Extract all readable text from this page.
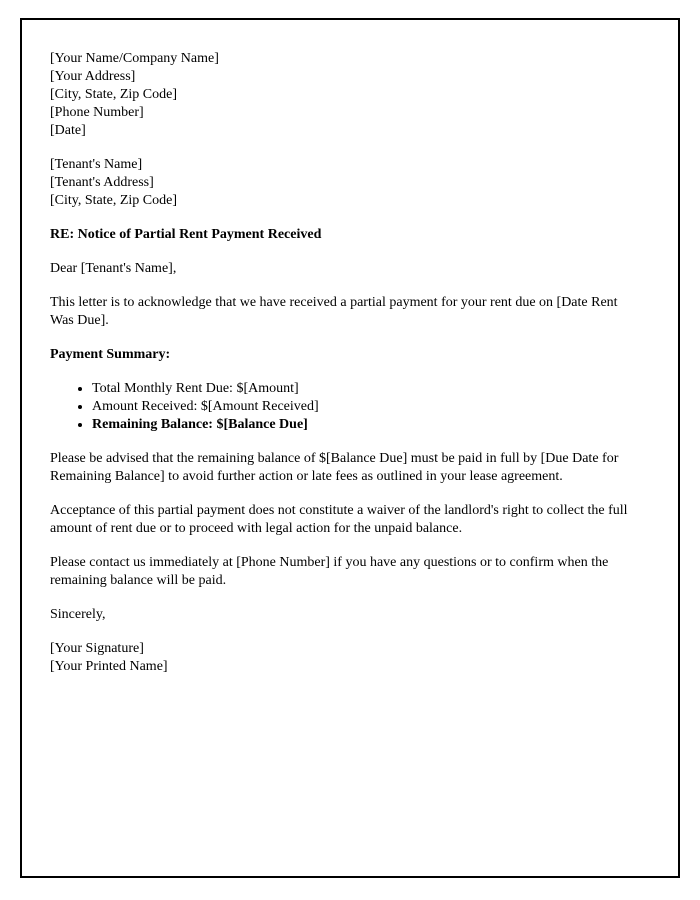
[Your Name/Company Name]
[Your Address]
[City, State, Zip Code]
[Phone Number]
[Date]
[Tenant's Name]
[Tenant's Address]
[City, State, Zip Code]

RE: Notice of Partial Rent Payment Received

Dear [Tenant's Name],

This letter is to acknowledge that we have received a partial payment for your rent due on [Date Rent Was Due].

Payment Summary:

• Total Monthly Rent Due: $[Amount]
• Amount Received: $[Amount Received]
• Remaining Balance: $[Balance Due]

Please be advised that the remaining balance of $[Balance Due] must be paid in full by [Due Date for Remaining Balance] to avoid further action or late fees as outlined in your lease agreement.

Acceptance of this partial payment does not constitute a waiver of the landlord's right to collect the full amount of rent due or to proceed with legal action for the unpaid balance.

Please contact us immediately at [Phone Number] if you have any questions or to confirm when the remaining balance will be paid.

Sincerely,

[Your Signature]
[Your Printed Name]
